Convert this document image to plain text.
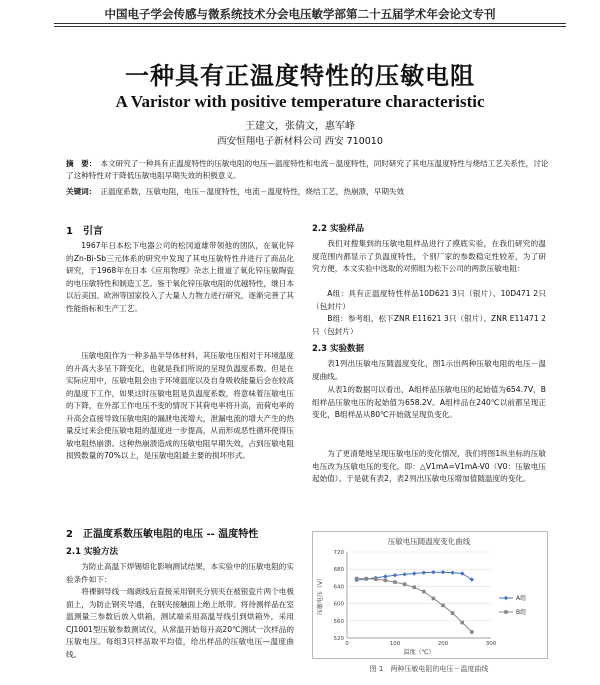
中国电子学会传感与微系统技术分会电压敏学部第二十五届学术年会论文专刊
一种具有正温度特性的压敏电阻
A Varistor with positive temperature characteristic
王建文，张倩文，惠军峰
西安恒翔电子新材料公司 西安 710010
摘　要： 本文研究了一种具有正温度特性的压敏电阻的电压—温度特性和电流－温度特性，同时研究了其电压温度特性与烧结工艺关系性，讨论了这种特性对于降低压敏电阻早期失效的积极意义。
关键词： 正温度系数，压敏电阻，电压－温度特性，电流－温度特性，烧结工艺，热崩溃，早期失效
1　引言

1967年日本松下电器公司的松冈道雄带领他的团队，在氧化锌的Zn-Bi-Sb三元体系的研究中发现了其电压敏特性并进行了商品化研究，于1968年在日本《应用物理》杂志上报道了氧化锌压敏陶瓷的电压敏特性和制造工艺。鉴于氧化锌压敏电阻的优越特性，继日本以后美国、欧洲等国家投入了大量人力物力进行研究，逐渐完善了其性能指标和生产工艺。

压敏电阻作为一种多晶半导体材料，其压敏电压相对于环境温度的升高大多呈下降变化，也就是我们所说的呈现负温度系数。但是在实际应用中，压敏电阻会由于环境温度以及自身吸收能量后会在较高的温度下工作，如果这时压敏电阻是负温度系数，将意味着压敏电压的下降，在外部工作电压不变的情况下其荷电率将升高，而荷电率的升高会直接导致压敏电阻的漏泄电流增大，泄漏电流的增大产生的热量反过来会使压敏电阻的温度进一步提高，从而形成恶性循环使得压敏电阻热崩溃。这种热崩溃造成的压敏电阻早期失效，占到压敏电阻损毁数量的70%以上，是压敏电阻最主要的损坏形式。

2　正温度系数压敏电阻的电压 -- 温度特性
2.1 实验方法

为防止高温下焊锡熔化影响测试结果，本实验中的压敏电阻的实验条件如下：

将裸铜导线一端剥线后直接采用钢夹分别夹在被银瓷片两个电极面上，为防止钢夹导通，在钢夹接触面上绝上纸带。将待测样品在室温测量三参数后放入烘箱，测试端采用高温导线引到烘箱外，采用CJ1001型压敏参数测试仪，从常温开始每升高20℃测试一次样品的压敏电压。每组3只样品取平均值，给出样品的压敏电压—温度曲线。

2.2 实验样品

我们对搜集到的压敏电阻样品进行了摸底实验，在我们研究的温度范围内都显示了负温度特性，个别厂家的参数稳定性较差，为了研究方便，本文实验中选取的对照组为松下公司的两款压敏电阻：

A组：具有正温度特性样品10D621 3只（银片）、10D471 2只（包封片）

B组：参考组，松下ZNR E11621 3只（银片）、ZNR E11471 2只（包封片）

2.3 实验数据

表1列出压敏电压随温度变化，图1示出两种压敏电阻的电压－温度曲线。

从表1的数据可以看出，A组样品压敏电压的起始值为654.7V，B组样品压敏电压的起始值为658.2V。A组样品在240℃以前都呈现正变化，B组样品从80℃开始就呈现负变化。

为了更清楚地呈现压敏电压的变化情况，我们将图1纵坐标的压敏电压改为压敏电压的变化，即：△V1mA=V1mA-V0（V0：压敏电压起始值）。于是就有表2，表2列出压敏电压增加值随温度的变化。

压敏电压随温度变化曲线
520
560
600
640
680
720
0	100	200	300
温度（℃）
压敏电压（V）	A组
B组
图 1　两种压敏电阻的电压－温度曲线
